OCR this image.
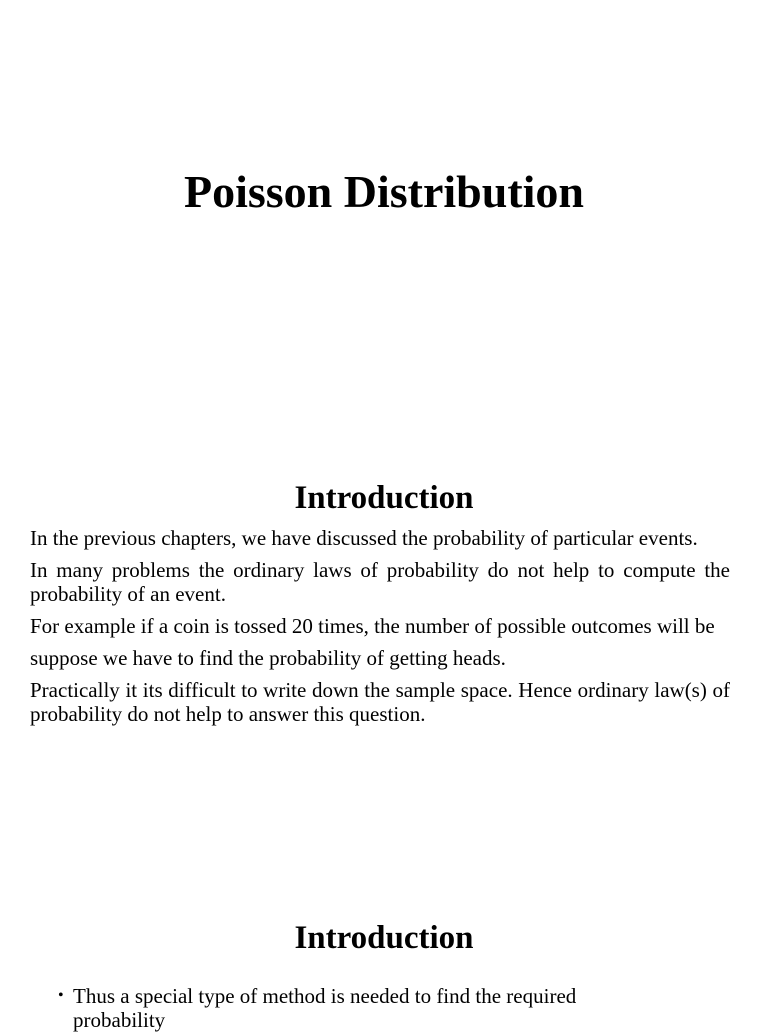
Poisson Distribution
Introduction

In the previous chapters, we have discussed the probability of particular events.

In many problems the ordinary laws of probability do not help to compute the probability of an event.

For example if a coin is tossed 20 times, the number of possible outcomes will be

suppose we have to find the probability of getting heads.

Practically it its difficult to write down the sample space. Hence ordinary law(s) of probability do not help to answer this question.

Introduction
• Thus a special type of method is needed to find the required probability
